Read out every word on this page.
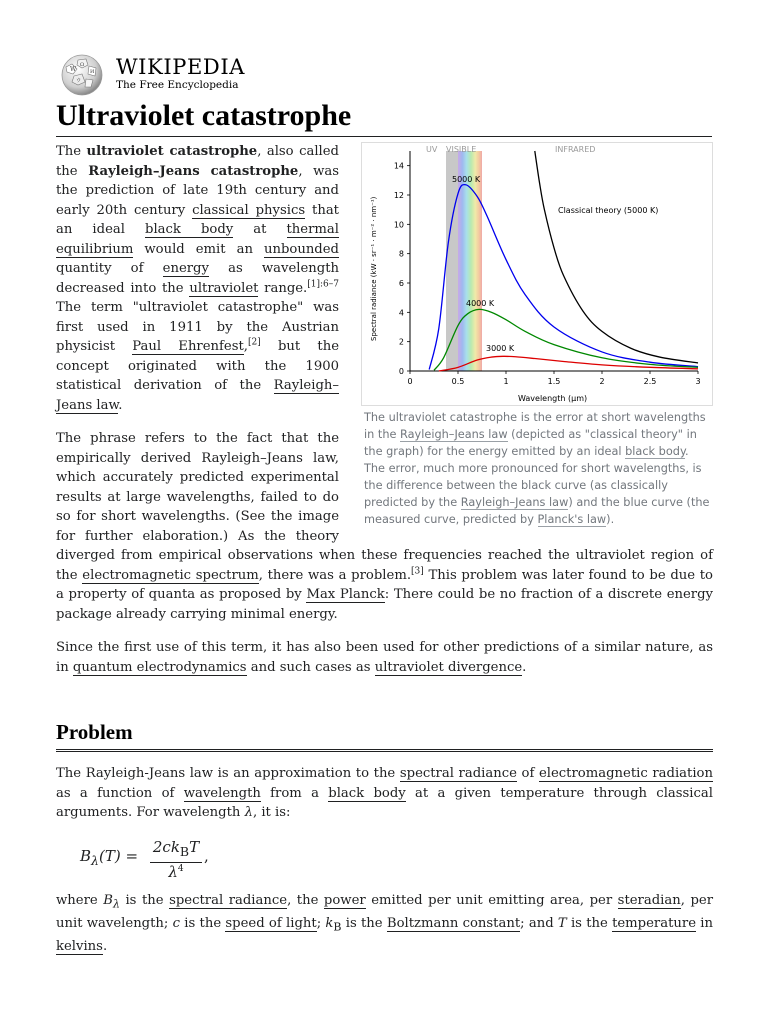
W
Ω
И
ウ
WIKIPEDIA
The Free Encyclopedia
Ultraviolet catastrophe
UV VISIBLE	INFRARED
0	0.5	1	1.5	2	2.5	3
0
2
4
6
8
10
12
14
5000 K
Classical theory (5000 K)
4000 K
3000 K
Wavelength (μm)
Spectral radiance (kW · sr⁻¹ · m⁻² · nm⁻¹)
The ultraviolet catastrophe is the error at short wavelengths in the Rayleigh–Jeans law (depicted as "classical theory" in the graph) for the energy emitted by an ideal black body. The error, much more pronounced for short wavelengths, is the difference between the black curve (as classically predicted by the Rayleigh–Jeans law) and the blue curve (the measured curve, predicted by Planck's law).

The ultraviolet catastrophe, also called the Rayleigh–Jeans catastrophe, was the prediction of late 19th century and early 20th century classical physics that an ideal black body at thermal equilibrium would emit an unbounded quantity of energy as wavelength decreased into the ultraviolet range.$^{[1]:6-7}$ The term "ultraviolet catastrophe" was first used in 1911 by the Austrian physicist Paul Ehrenfest,[2] but the concept originated with the 1900 statistical derivation of the Rayleigh–Jeans law.

The phrase refers to the fact that the empirically derived Rayleigh–Jeans law, which accurately predicted experimental results at large wavelengths, failed to do so for short wavelengths. (See the image for further elaboration.) As the theory diverged from empirical observations when these frequencies reached the ultraviolet region of the electromagnetic spectrum, there was a problem.[3] This problem was later found to be due to a property of quanta as proposed by Max Planck: There could be no fraction of a discrete energy package already carrying minimal energy.

Since the first use of this term, it has also been used for other predictions of a similar nature, as in quantum electrodynamics and such cases as ultraviolet divergence.

Problem

The Rayleigh-Jeans law is an approximation to the spectral radiance of electromagnetic radiation as a function of wavelength from a black body at a given temperature through classical arguments. For wavelength λ, it is:

$B_\lambda(T) = 2ck_BT$
$\lambda^4$
,

where $B_\lambda$ is the spectral radiance, the power emitted per unit emitting area, per steradian, per unit wavelength; c is the speed of light; $k_B$ is the Boltzmann constant; and T is the temperature in kelvins.
